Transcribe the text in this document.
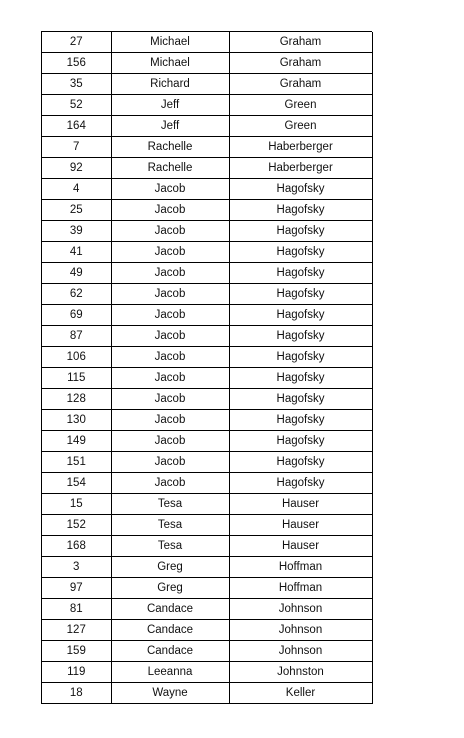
27	Michael	Graham
156	Michael	Graham
35	Richard	Graham
52	Jeff	Green
164	Jeff	Green
7	Rachelle	Haberberger
92	Rachelle	Haberberger
4	Jacob	Hagofsky
25	Jacob	Hagofsky
39	Jacob	Hagofsky
41	Jacob	Hagofsky
49	Jacob	Hagofsky
62	Jacob	Hagofsky
69	Jacob	Hagofsky
87	Jacob	Hagofsky
106	Jacob	Hagofsky
115	Jacob	Hagofsky
128	Jacob	Hagofsky
130	Jacob	Hagofsky
149	Jacob	Hagofsky
151	Jacob	Hagofsky
154	Jacob	Hagofsky
15	Tesa	Hauser
152	Tesa	Hauser
168	Tesa	Hauser
3	Greg	Hoffman
97	Greg	Hoffman
81	Candace	Johnson
127	Candace	Johnson
159	Candace	Johnson
119	Leeanna	Johnston
18	Wayne	Keller
